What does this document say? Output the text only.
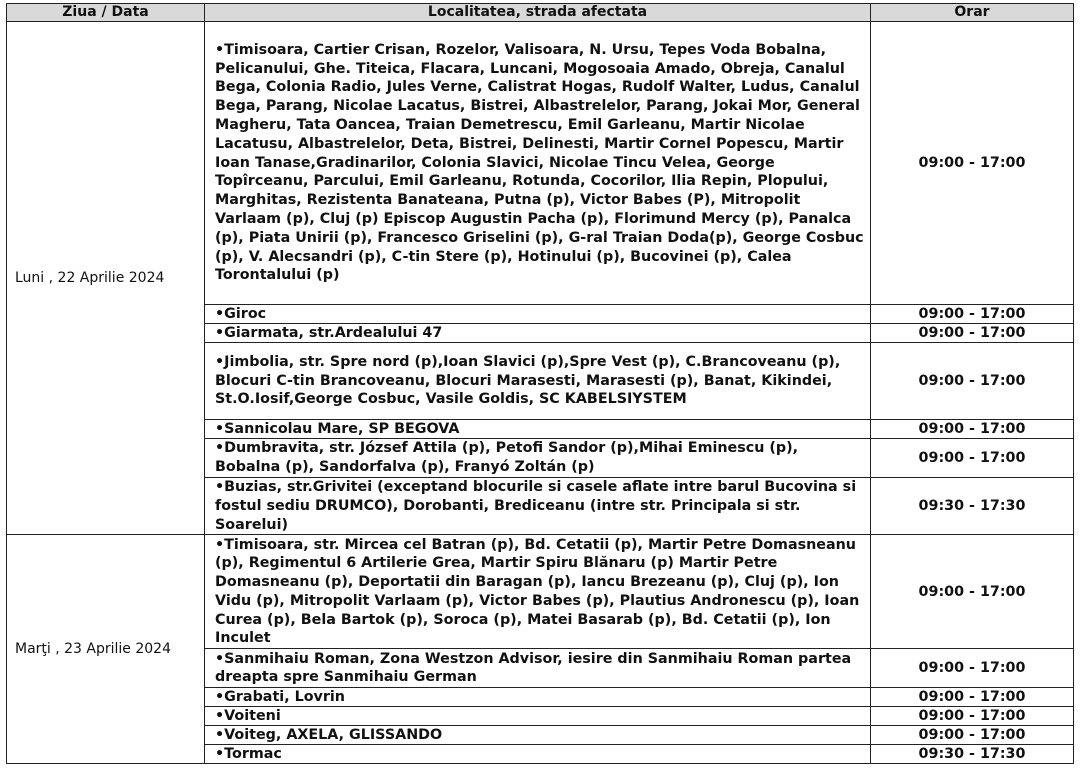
Ziua / Data	Localitatea, strada afectata	Orar
Luni , 22 Aprilie 2024	•Timisoara, Cartier Crisan, Rozelor, Valisoara, N. Ursu, Tepes Voda Bobalna, Pelicanului, Ghe. Titeica, Flacara, Luncani, Mogosoaia Amado, Obreja, Canalul Bega, Colonia Radio, Jules Verne, Calistrat Hogas, Rudolf Walter, Ludus, Canalul Bega, Parang, Nicolae Lacatus, Bistrei, Albastrelelor, Parang, Jokai Mor, General Magheru, Tata Oancea, Traian Demetrescu, Emil Garleanu, Martir Nicolae Lacatusu, Albastrelelor, Deta, Bistrei, Delinesti, Martir Cornel Popescu, Martir Ioan Tanase,Gradinarilor, Colonia Slavici, Nicolae Tincu Velea, George Topîrceanu, Parcului, Emil Garleanu, Rotunda, Cocorilor, Ilia Repin, Plopului, Marghitas, Rezistenta Banateana, Putna (p), Victor Babes (P), Mitropolit Varlaam (p), Cluj (p) Episcop Augustin Pacha (p), Florimund Mercy (p), Panalca (p), Piata Unirii (p), Francesco Griselini (p), G-ral Traian Doda(p), George Cosbuc (p), V. Alecsandri (p), C-tin Stere (p), Hotinului (p), Bucovinei (p), Calea Torontalului (p)	09:00 - 17:00
	•Giroc	09:00 - 17:00
	•Giarmata, str.Ardealului 47	09:00 - 17:00
	•Jimbolia, str. Spre nord (p),Ioan Slavici (p),Spre Vest (p), C.Brancoveanu (p), Blocuri C-tin Brancoveanu, Blocuri Marasesti, Marasesti (p), Banat, Kikindei, St.O.Iosif,George Cosbuc, Vasile Goldis, SC KABELSIYSTEM	09:00 - 17:00
	•Sannicolau Mare, SP BEGOVA	09:00 - 17:00
	•Dumbravita, str. József Attila (p), Petofi Sandor (p),Mihai Eminescu (p), Bobalna (p), Sandorfalva (p), Franyó Zoltán (p)	09:00 - 17:00
	•Buzias, str.Grivitei (exceptand blocurile si casele aflate intre barul Bucovina si fostul sediu DRUMCO), Dorobanti, Brediceanu (intre str. Principala si str. Soarelui)	09:30 - 17:30
Marţi , 23 Aprilie 2024	•Timisoara, str. Mircea cel Batran (p), Bd. Cetatii (p), Martir Petre Domasneanu (p), Regimentul 6 Artilerie Grea, Martir Spiru Blănaru (p) Martir Petre Domasneanu (p), Deportatii din Baragan (p), Iancu Brezeanu (p), Cluj (p), Ion Vidu (p), Mitropolit Varlaam (p), Victor Babes (p), Plautius Andronescu (p), Ioan Curea (p), Bela Bartok (p), Soroca (p), Matei Basarab (p), Bd. Cetatii (p), Ion Inculet	09:00 - 17:00
	•Sanmihaiu Roman, Zona Westzon Advisor, iesire din Sanmihaiu Roman partea dreapta spre Sanmihaiu German	09:00 - 17:00
	•Grabati, Lovrin	09:00 - 17:00
	•Voiteni	09:00 - 17:00
	•Voiteg, AXELA, GLISSANDO	09:00 - 17:00
	•Tormac	09:30 - 17:30
